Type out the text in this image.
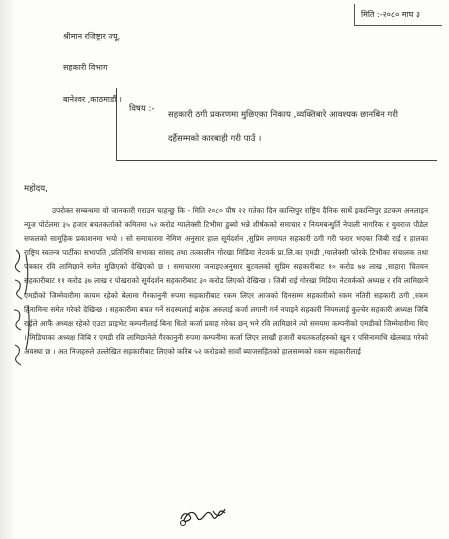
मिति :-२०८० माघ ३
श्रीमान रजिष्ट्रार ज्यू,
सहकारी विभाग
बानेश्वर ,काठमाडौं ।
विषय :-
सहकारी ठगी प्रकरणमा मुछिएका निकाय ,व्यक्तिबारे आवश्यक छानबिन गरी दर्हैसम्मको कारबाही गरी पाउँ ।
महोदय,
उपरोक्त सम्बन्धमा यो जानकारी गराउन चाहन्छु कि - मिति २०८० पौष २२ गतेका दिन कान्तिपुर राष्ट्रिय दैनिक सार्थे इकान्तिपुर डटकम अनलाइन न्यूज पोर्टलमा ३५ हजार बचतकर्ताको कमितमा ५२ करोड ग्यालेक्सी टिभीमा डुब्यो भन्ने शीर्षकको समाचार र नियमबन्धुर्ति नेपाली नागरिक र युवराज पौडेल सफलको सामूहिक प्रकाशनमा भयो । सो समाचारमा नेमिण अनुसार हाल सूर्यदर्शन ,सुप्रिम लगायत सहकारी ठगी गरी फरार भएका जिबी राई र हालका राष्ट्रिय स्वतन्त्र पार्टीका सभापति ,प्रतिनिधि सभाका सांसद तथा तत्कालीन गोरखा मिडिया नेटवर्क प्रा.लि.का एमडी ,ग्यालेक्सी फोरके टिभीका संचालक तथा पत्रकार रवि लामिछाने समेत मुछिएको देखिएको छ । समाचारमा जनाइएअनुसार बुटवलको सुप्रिम सहकारीबाट १० करोड ७४ लाख ,साहारा चितवन सहकारीबाट ११ करोड ३७ लाख र पोखराको सूर्यदर्शन सहकारीबाट ३० करोड लिएको देखिन्छ । जिबी राई गोरखा मिडिया नेटवर्कको अध्यक्ष र रवि लामिछाने एमडीको जिम्मेवारीमा कायम रहेको बेलामा गैरकानुनी रुपमा सहकारीबाट रकम लिएर आजको दिनसम्म सहकारीको रकम नतिरी सहकारी ठगी ,रकम हिनामिना समेत गरेको देखिन्छ । सहकारीमा बचत गर्ने सदस्यलाई बाहेक अरुलाई कर्जा लगानी गर्न नपाइने सहकारी नियमलाई कुल्चेर सहकारी अध्यक्ष जिबि राईले आफैं अध्यक्ष रहेको एउटा प्राइभेट कम्पनीलाई बिना धितो कर्जा प्रवाह गरेका छन् भने रवि लामिछाने त्यो समयमा कम्पनीको एमडीको जिम्मेवारीमा थिए । मिडियाका अध्यक्ष जिबि र एमडी रवि लामिछानेले गैरकानुनी रुपमा कम्पनीमा कर्जा लिएर लाखौं हजारौं बचतकर्ताहरुको खुन र पसिनामाथि खेलबाड गरेको अवस्था छ । अत निजहरुले उल्लेखित सहकारीबाट लिएको करिब ५२ करोडको सावाँ ब्याजसहितको हालसम्मको रकम सहकारीलाई
